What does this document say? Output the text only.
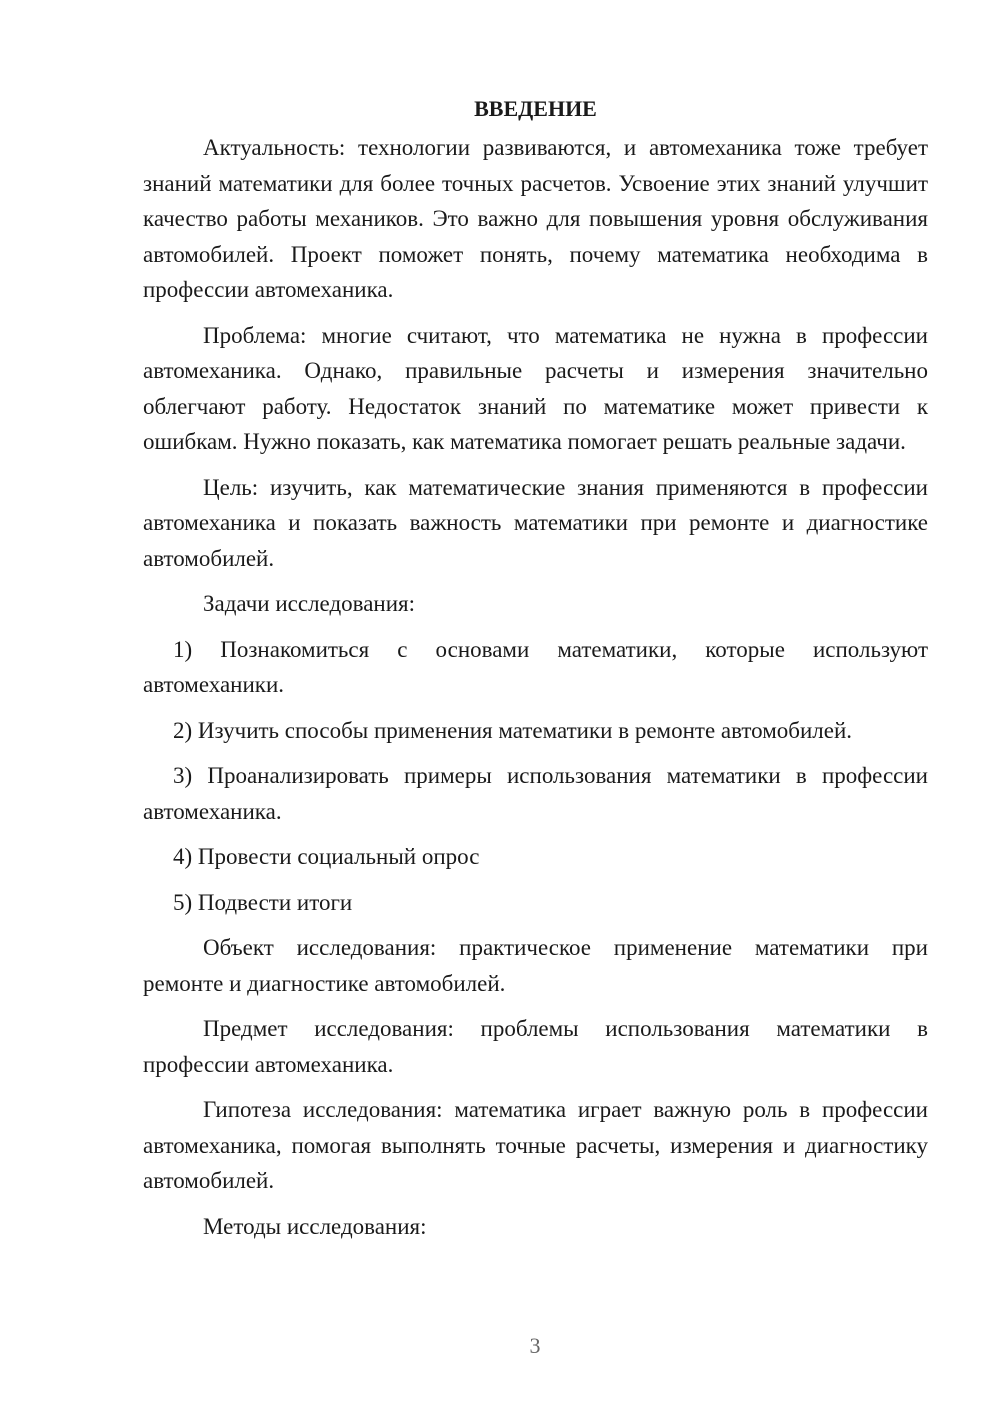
ВВЕДЕНИЕ

Актуальность: технологии развиваются, и автомеханика тоже требует знаний математики для более точных расчетов. Усвоение этих знаний улучшит качество работы механиков. Это важно для повышения уровня обслуживания автомобилей. Проект поможет понять, почему математика необходима в профессии автомеханика.

Проблема: многие считают, что математика не нужна в профессии автомеханика. Однако, правильные расчеты и измерения значительно облегчают работу. Недостаток знаний по математике может привести к ошибкам. Нужно показать, как математика помогает решать реальные задачи.

Цель: изучить, как математические знания применяются в профессии автомеханика и показать важность математики при ремонте и диагностике автомобилей.

Задачи исследования:

1) Познакомиться с основами математики, которые используют автомеханики.

2) Изучить способы применения математики в ремонте автомобилей.

3) Проанализировать примеры использования математики в профессии автомеханика.

4) Провести социальный опрос

5) Подвести итоги

Объект исследования: практическое применение математики при ремонте и диагностике автомобилей.

Предмет исследования: проблемы использования математики в профессии автомеханика.

Гипотеза исследования: математика играет важную роль в профессии автомеханика, помогая выполнять точные расчеты, измерения и диагностику автомобилей.

Методы исследования:

3
